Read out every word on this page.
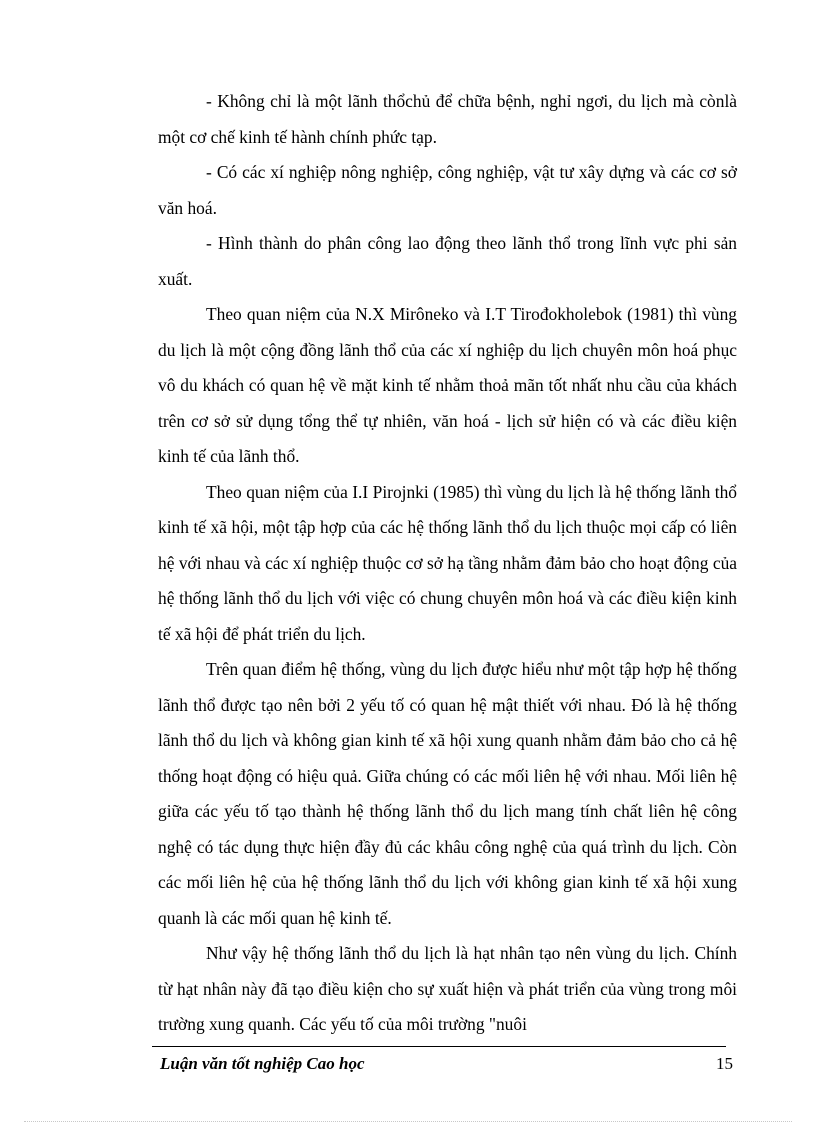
- Không chỉ là một lãnh thổchủ để chữa bệnh, nghỉ ngơi, du lịch mà cònlà một cơ chế kinh tế hành chính phức tạp.

- Có các xí nghiệp nông nghiệp, công nghiệp, vật tư xây dựng và các cơ sở văn hoá.

- Hình thành do phân công lao động theo lãnh thổ trong lĩnh vực phi sản xuất.

Theo quan niệm của N.X Mirôneko và I.T Tirođokholebok (1981) thì vùng du lịch là một cộng đồng lãnh thổ của các xí nghiệp du lịch chuyên môn hoá phục vô du khách có quan hệ về mặt kinh tế nhằm thoả mãn tốt nhất nhu cầu của khách trên cơ sở sử dụng tổng thể tự nhiên, văn hoá - lịch sử hiện có và các điều kiện kinh tế của lãnh thổ.

Theo quan niệm của I.I Pirojnki (1985) thì vùng du lịch là hệ thống lãnh thổ kinh tế xã hội, một tập hợp của các hệ thống lãnh thổ du lịch thuộc mọi cấp có liên hệ với nhau và các xí nghiệp thuộc cơ sở hạ tầng nhằm đảm bảo cho hoạt động của hệ thống lãnh thổ du lịch với việc có chung chuyên môn hoá và các điều kiện kinh tế xã hội để phát triển du lịch.

Trên quan điểm hệ thống, vùng du lịch được hiểu như một tập hợp hệ thống lãnh thổ được tạo nên bởi 2 yếu tố có quan hệ mật thiết với nhau. Đó là hệ thống lãnh thổ du lịch và không gian kinh tế xã hội xung quanh nhằm đảm bảo cho cả hệ thống hoạt động có hiệu quả. Giữa chúng có các mối liên hệ với nhau. Mối liên hệ giữa các yếu tố tạo thành hệ thống lãnh thổ du lịch mang tính chất liên hệ công nghệ có tác dụng thực hiện đầy đủ các khâu công nghệ của quá trình du lịch. Còn các mối liên hệ của hệ thống lãnh thổ du lịch với không gian kinh tế xã hội xung quanh là các mối quan hệ kinh tế.

Như vậy hệ thống lãnh thổ du lịch là hạt nhân tạo nên vùng du lịch. Chính từ hạt nhân này đã tạo điều kiện cho sự xuất hiện và phát triển của vùng trong môi trường xung quanh. Các yếu tố của môi trường "nuôi

Luận văn tốt nghiệp Cao học	15
